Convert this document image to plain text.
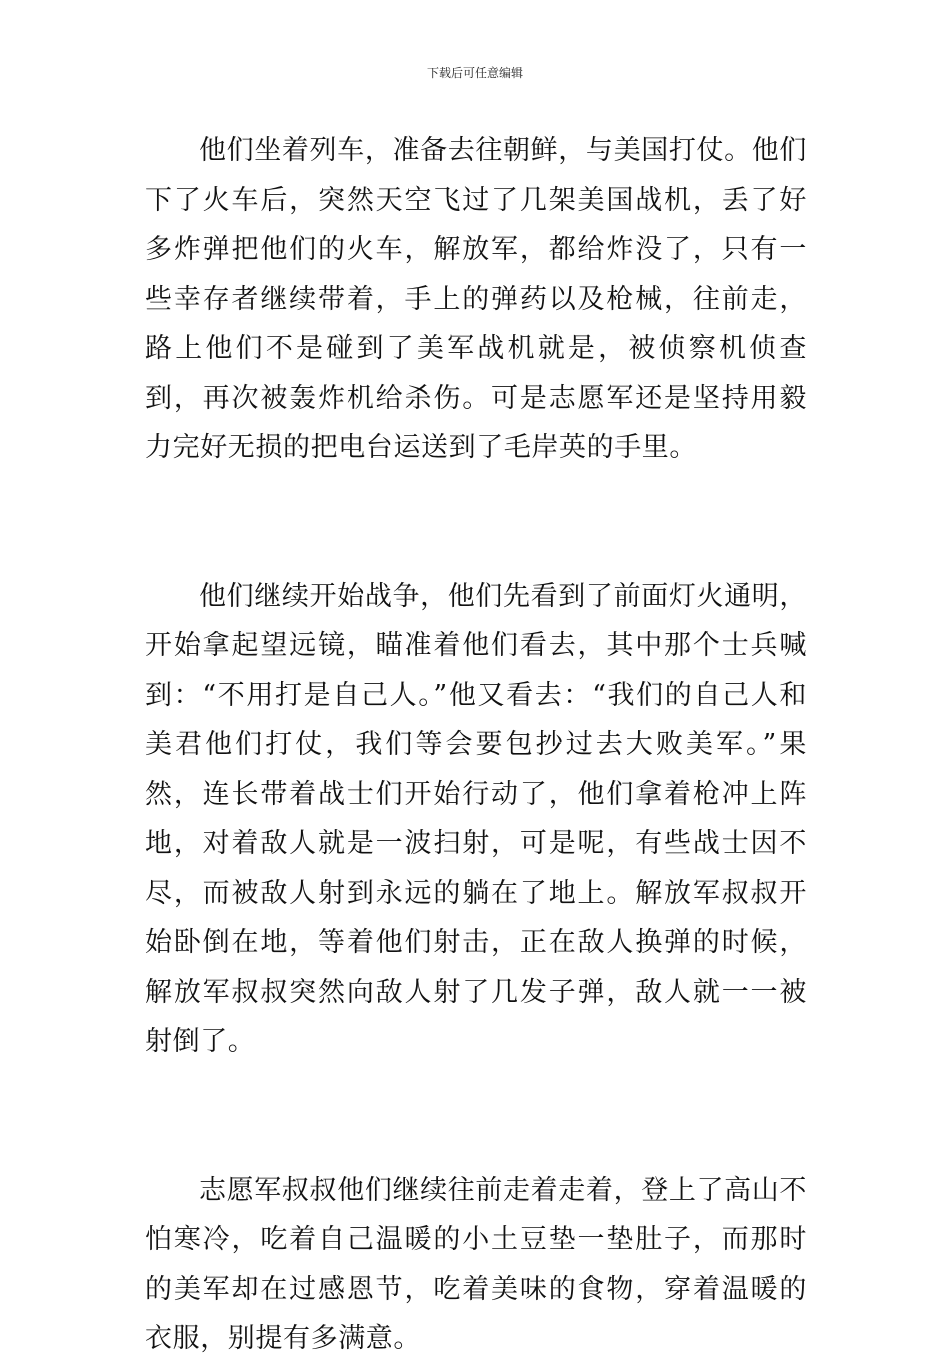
下载后可任意编辑

他们坐着列车，准备去往朝鲜，与美国打仗。他们下了火车后，突然天空飞过了几架美国战机，丢了好多炸弹把他们的火车，解放军，都给炸没了，只有一些幸存者继续带着，手上的弹药以及枪械，往前走，路上他们不是碰到了美军战机就是，被侦察机侦查到，再次被轰炸机给杀伤。可是志愿军还是坚持用毅力完好无损的把电台运送到了毛岸英的手里。

他们继续开始战争，他们先看到了前面灯火通明，开始拿起望远镜，瞄准着他们看去，其中那个士兵喊到：“不用打是自己人。”他又看去：“我们的自己人和美君他们打仗，我们等会要包抄过去大败美军。”果然，连长带着战士们开始行动了，他们拿着枪冲上阵地，对着敌人就是一波扫射，可是呢，有些战士因不尽，而被敌人射到永远的躺在了地上。解放军叔叔开始卧倒在地，等着他们射击，正在敌人换弹的时候，解放军叔叔突然向敌人射了几发子弹，敌人就一一被射倒了。

志愿军叔叔他们继续往前走着走着，登上了高山不怕寒冷，吃着自己温暖的小土豆垫一垫肚子，而那时的美军却在过感恩节，吃着美味的食物，穿着温暖的衣服，别提有多满意。
